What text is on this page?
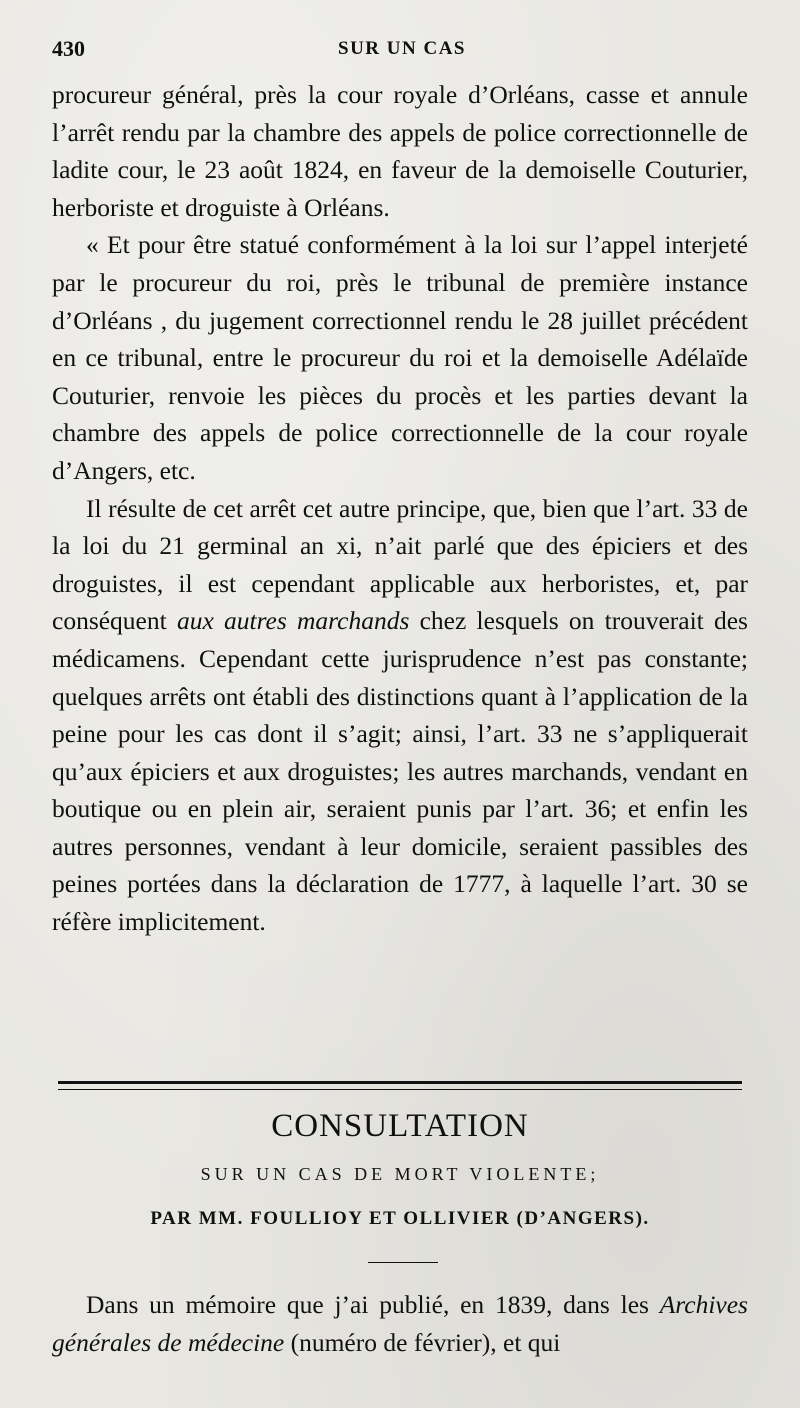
430	SUR UN CAS

procureur général, près la cour royale d’Orléans, casse et annule l’arrêt rendu par la chambre des appels de police correctionnelle de ladite cour, le 23 août 1824, en faveur de la demoiselle Couturier, herboriste et droguiste à Orléans.

« Et pour être statué conformément à la loi sur l’appel interjeté par le procureur du roi, près le tribunal de première instance d’Orléans , du jugement correctionnel rendu le 28 juillet précédent en ce tribunal, entre le procureur du roi et la demoiselle Adélaïde Couturier, renvoie les pièces du procès et les parties devant la chambre des appels de police correctionnelle de la cour royale d’Angers, etc.

Il résulte de cet arrêt cet autre principe, que, bien que l’art. 33 de la loi du 21 germinal an xi, n’ait parlé que des épiciers et des droguistes, il est cependant applicable aux herboristes, et, par conséquent aux autres marchands chez lesquels on trouverait des médicamens. Cependant cette jurisprudence n’est pas constante; quelques arrêts ont établi des distinctions quant à l’application de la peine pour les cas dont il s’agit; ainsi, l’art. 33 ne s’appliquerait qu’aux épiciers et aux droguistes; les autres marchands, vendant en boutique ou en plein air, seraient punis par l’art. 36; et enfin les autres personnes, vendant à leur domicile, seraient passibles des peines portées dans la déclaration de 1777, à laquelle l’art. 30 se réfère implicitement.

CONSULTATION
SUR UN CAS DE MORT VIOLENTE;
PAR MM. FOULLIOY ET OLLIVIER (D’ANGERS).

Dans un mémoire que j’ai publié, en 1839, dans les Archives générales de médecine (numéro de février), et qui
